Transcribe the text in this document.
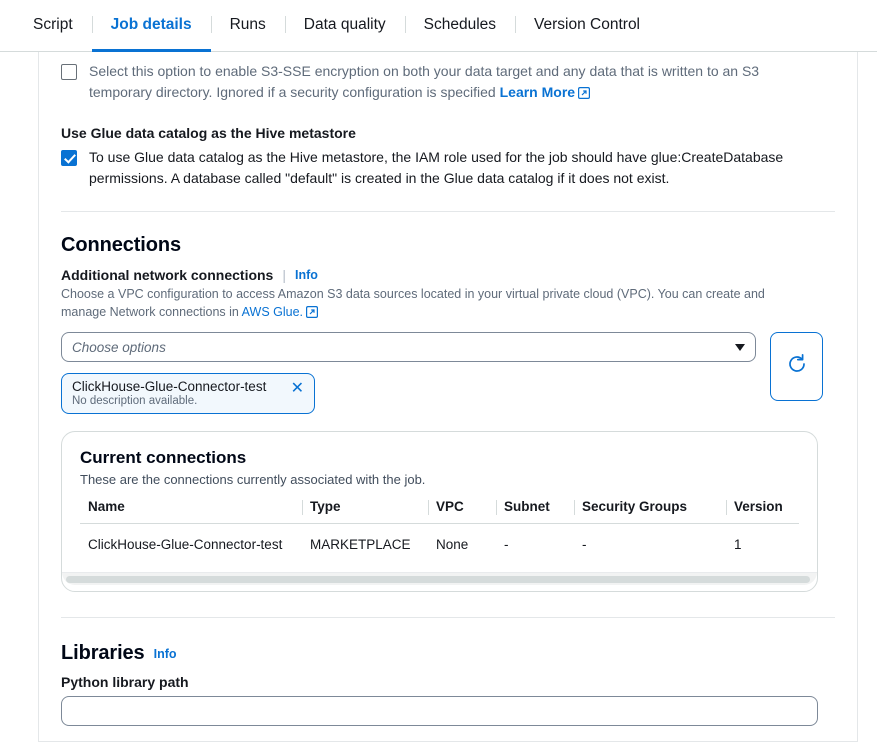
Script Job details Runs Data quality Schedules Version Control
Select this option to enable S3-SSE encryption on both your data target and any data that is written to an S3 temporary directory. Ignored if a security configuration is specified Learn More
Use Glue data catalog as the Hive metastore
To use Glue data catalog as the Hive metastore, the IAM role used for the job should have glue:CreateDatabase permissions. A database called "default" is created in the Glue data catalog if it does not exist.
Connections
Additional network connections | Info
Choose a VPC configuration to access Amazon S3 data sources located in your virtual private cloud (VPC). You can create and manage Network connections in AWS Glue.
Choose options
ClickHouse-Glue-Connector-test
No description available.
✕
Current connections
These are the connections currently associated with the job.
Name	Type	VPC	Subnet	Security Groups	Version
ClickHouse-Glue-Connector-test	MARKETPLACE	None	-	-	1
Libraries Info
Python library path
